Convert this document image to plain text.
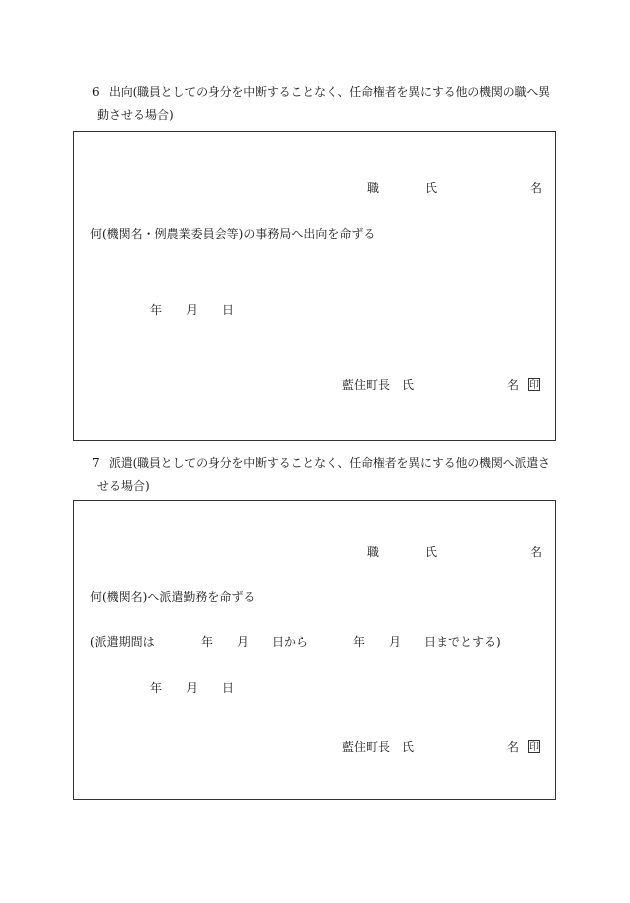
6 出向(職員としての身分を中断することなく、任命権者を異にする他の機関の職へ異
動させる場合)
職	氏	名
何(機関名・例農業委員会等)の事務局へ出向を命ずる
年 月 日
藍住町長 氏	名 印
7 派遣(職員としての身分を中断することなく、任命権者を異にする他の機関へ派遣さ
せる場合)
職	氏	名
何(機関名)へ派遣勤務を命ずる
(派遣期間は	年 月 日から	年 月 日までとする)
年 月 日
藍住町長 氏	名 印
